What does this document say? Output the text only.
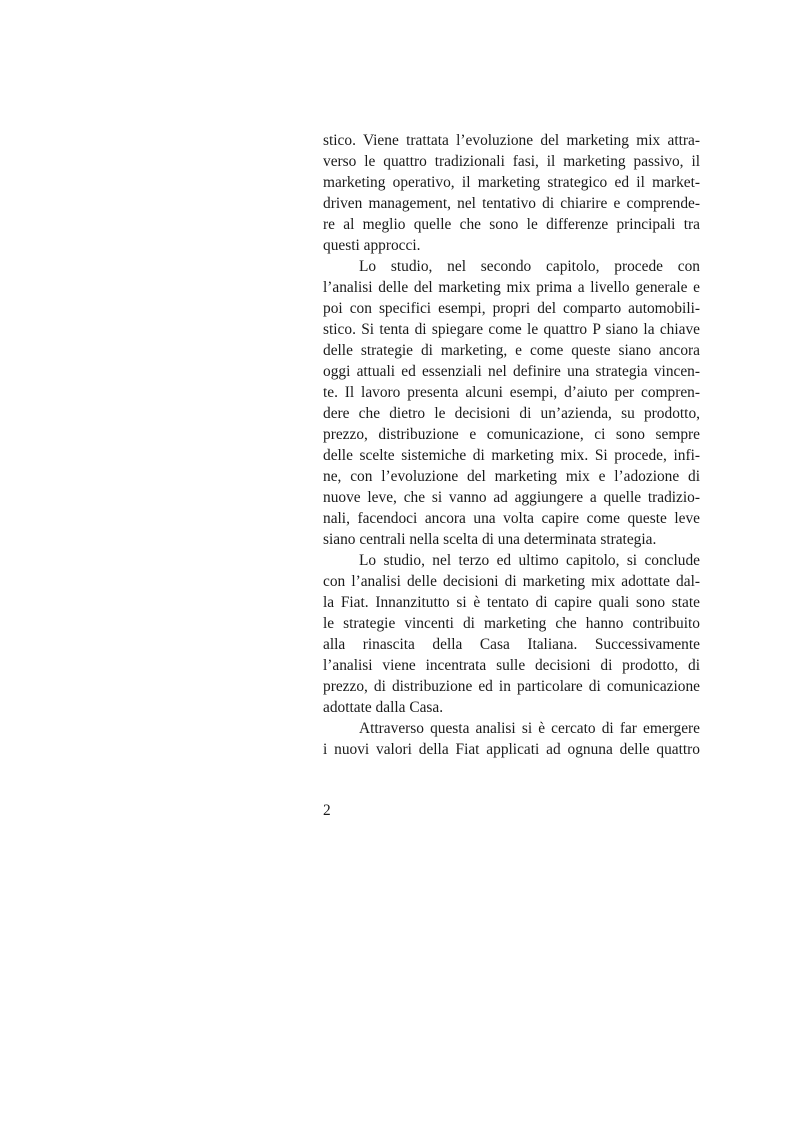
stico. Viene trattata l’evoluzione del marketing mix attra-
verso le quattro tradizionali fasi, il marketing passivo, il
marketing operativo, il marketing strategico ed il market-
driven management, nel tentativo di chiarire e comprende-
re al meglio quelle che sono le differenze principali tra
questi approcci.
Lo studio, nel secondo capitolo, procede con
l’analisi delle del marketing mix prima a livello generale e
poi con specifici esempi, propri del comparto automobili-
stico. Si tenta di spiegare come le quattro P siano la chiave
delle strategie di marketing, e come queste siano ancora
oggi attuali ed essenziali nel definire una strategia vincen-
te. Il lavoro presenta alcuni esempi, d’aiuto per compren-
dere che dietro le decisioni di un’azienda, su prodotto,
prezzo, distribuzione e comunicazione, ci sono sempre
delle scelte sistemiche di marketing mix. Si procede, infi-
ne, con l’evoluzione del marketing mix e l’adozione di
nuove leve, che si vanno ad aggiungere a quelle tradizio-
nali, facendoci ancora una volta capire come queste leve
siano centrali nella scelta di una determinata strategia.
Lo studio, nel terzo ed ultimo capitolo, si conclude
con l’analisi delle decisioni di marketing mix adottate dal-
la Fiat. Innanzitutto si è tentato di capire quali sono state
le strategie vincenti di marketing che hanno contribuito
alla rinascita della Casa Italiana. Successivamente
l’analisi viene incentrata sulle decisioni di prodotto, di
prezzo, di distribuzione ed in particolare di comunicazione
adottate dalla Casa.
Attraverso questa analisi si è cercato di far emergere
i nuovi valori della Fiat applicati ad ognuna delle quattro
2
